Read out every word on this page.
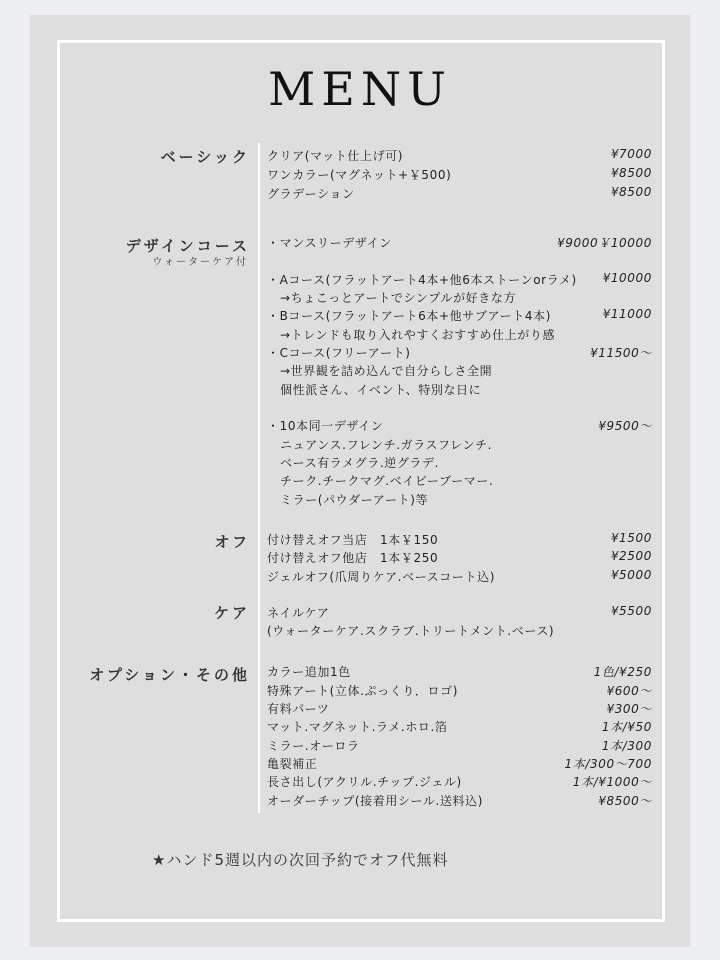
MENU
ベーシック クリア(マット仕上げ可)	¥7000
ワンカラー(マグネット+￥500)	¥8500
グラデーション	¥8500
デザインコース
ウォーターケア付
・マンスリーデザイン	¥9000￥10000
・Aコース(フラットアート4本+他6本ストーンorラメ) ¥10000
→ちょこっとアートでシンプルが好きな方
・Bコース(フラットアート6本+他サブアート4本)	¥11000
→トレンドも取り入れやすくおすすめ仕上がり感
・Cコース(フリーアート)	¥11500〜
→世界観を詰め込んで自分らしさ全開
個性派さん、イベント、特別な日に
・10本同一デザイン	¥9500〜
ニュアンス.フレンチ.ガラスフレンチ.
ベース有ラメグラ.逆グラデ.
チーク.チークマグ.ベイビーブーマー.
ミラー(パウダーアート)等
オフ 付け替えオフ当店　1本￥150	¥1500
付け替えオフ他店　1本￥250	¥2500
ジェルオフ(爪周りケア.ベースコート込)	¥5000
ケア ネイルケア	¥5500
(ウォーターケア.スクラブ.トリートメント.ベース)
オプション・その他 カラー追加1色	1色/¥250
特殊アート(立体.ぷっくり．ロゴ)	¥600〜
有料パーツ	¥300〜
マット.マグネット.ラメ.ホロ.箔	1本/¥50
ミラー.オーロラ	1本/300
亀裂補正	1本/300〜700
長さ出し(アクリル.チップ.ジェル)	1本/¥1000〜
オーダーチップ(接着用シール.送料込)	¥8500〜
★ハンド5週以内の次回予約でオフ代無料
